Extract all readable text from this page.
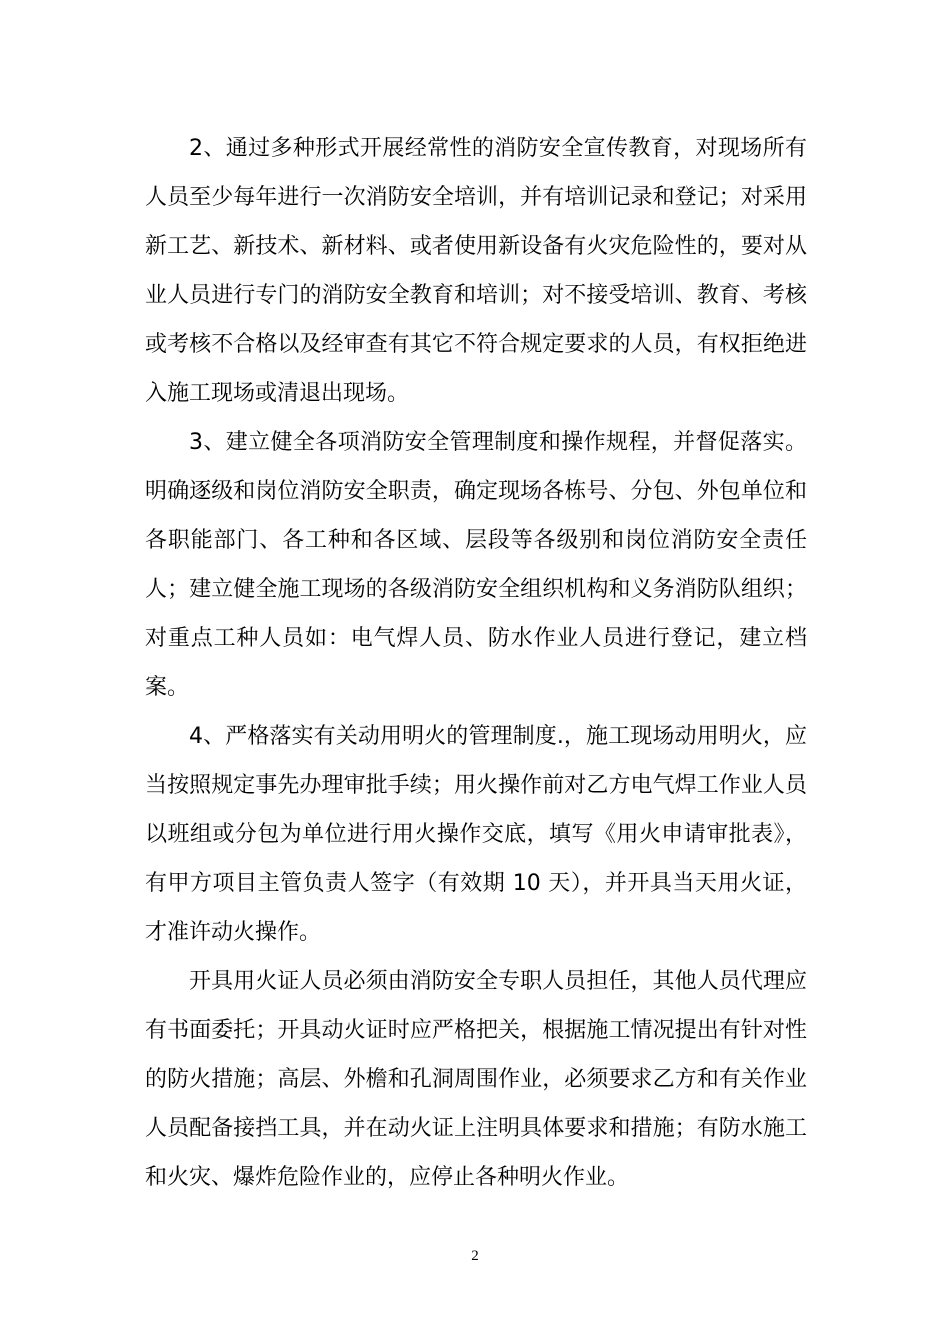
2、通过多种形式开展经常性的消防安全宣传教育，对现场所有人员至少每年进行一次消防安全培训，并有培训记录和登记；对采用新工艺、新技术、新材料、或者使用新设备有火灾危险性的，要对从业人员进行专门的消防安全教育和培训；对不接受培训、教育、考核或考核不合格以及经审查有其它不符合规定要求的人员，有权拒绝进入施工现场或清退出现场。

3、建立健全各项消防安全管理制度和操作规程，并督促落实。明确逐级和岗位消防安全职责，确定现场各栋号、分包、外包单位和各职能部门、各工种和各区域、层段等各级别和岗位消防安全责任人；建立健全施工现场的各级消防安全组织机构和义务消防队组织；对重点工种人员如：电气焊人员、防水作业人员进行登记，建立档案。

4、严格落实有关动用明火的管理制度.，施工现场动用明火，应当按照规定事先办理审批手续；用火操作前对乙方电气焊工作业人员以班组或分包为单位进行用火操作交底，填写《用火申请审批表》，有甲方项目主管负责人签字（有效期 10 天），并开具当天用火证，才准许动火操作。

开具用火证人员必须由消防安全专职人员担任，其他人员代理应有书面委托；开具动火证时应严格把关，根据施工情况提出有针对性的防火措施；高层、外檐和孔洞周围作业，必须要求乙方和有关作业人员配备接挡工具，并在动火证上注明具体要求和措施；有防水施工和火灾、爆炸危险作业的，应停止各种明火作业。

2
